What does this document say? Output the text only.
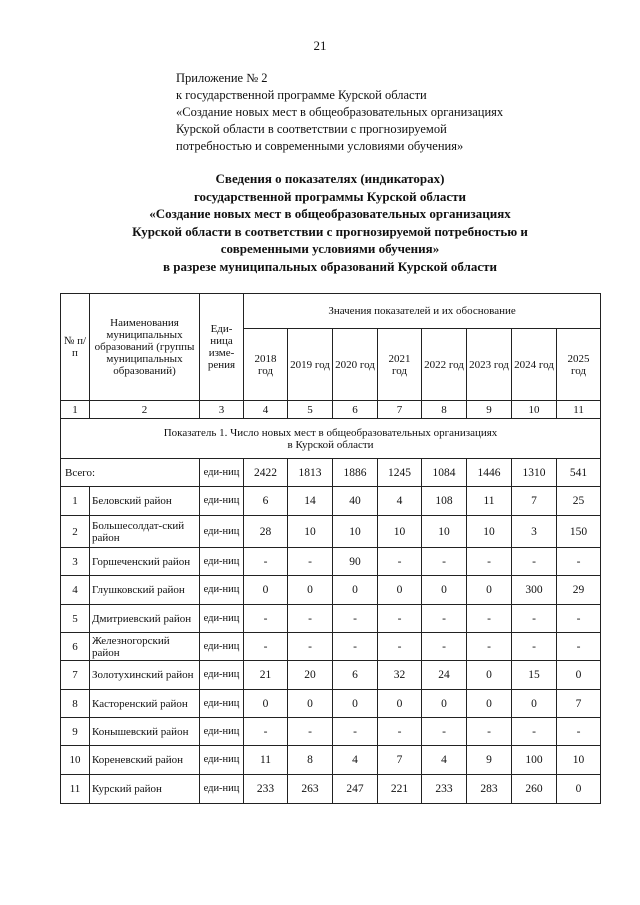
21
Приложение № 2
к государственной программе Курской области
«Создание новых мест в общеобразовательных организациях
Курской области в соответствии с прогнозируемой
потребностью и современными условиями обучения»
Сведения о показателях (индикаторах)
государственной программы Курской области
«Создание новых мест в общеобразовательных организациях
Курской области в соответствии с прогнозируемой потребностью и
современными условиями обучения»
в разрезе муниципальных образований Курской области
№ п/п	Наименования муниципальных образований (группы муниципальных образований)	Еди-ница изме-рения	Значения показателей и их обоснование							
			2018 год	2019 год	2020 год	2021 год	2022 год	2023 год	2024 год	2025 год
1	2	3	4	5	6	7	8	9	10	11

Показатель 1. Число новых мест в общеобразовательных организациях
в Курской области										

Всего:		еди-ниц	2422	1813	1886	1245	1084	1446	1310	541
1	Беловский район	еди-ниц	6	14	40	4	108	11	7	25
2	Большесолдат-ский район	еди-ниц	28	10	10	10	10	10	3	150
3	Горшеченский район	еди-ниц	-	-	90	-	-	-	-	-
4	Глушковский район	еди-ниц	0	0	0	0	0	0	300	29
5	Дмитриевский район	еди-ниц	-	-	-	-	-	-	-	-
6	Железногорский район	еди-ниц	-	-	-	-	-	-	-	-
7	Золотухинский район	еди-ниц	21	20	6	32	24	0	15	0
8	Касторенский район	еди-ниц	0	0	0	0	0	0	0	7
9	Конышевский район	еди-ниц	-	-	-	-	-	-	-	-
10	Кореневский район	еди-ниц	11	8	4	7	4	9	100	10
11	Курский район	еди-ниц	233	263	247	221	233	283	260	0
